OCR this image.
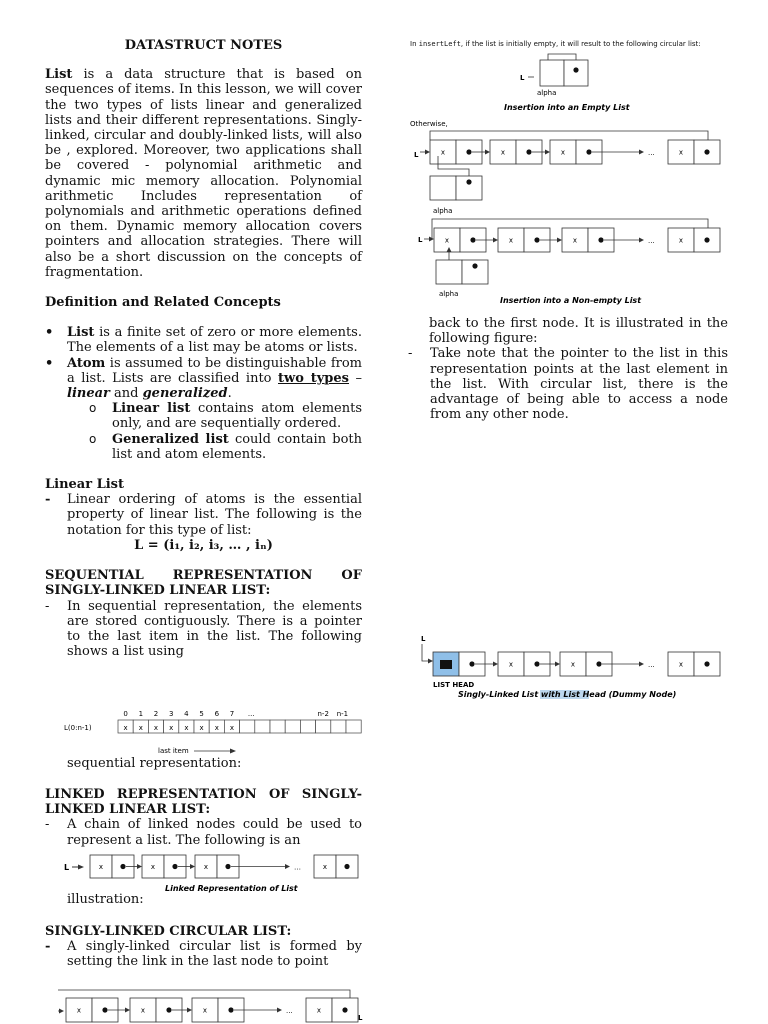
DATASTRUCT NOTES

List is a data structure that is based on sequences of items. In this lesson, we will cover the two types of lists linear and generalized lists and their different representations. Singly-linked, circular and doubly-linked lists, will also be , explored. Moreover, two applications shall be covered - polynomial arithmetic and dynamic mic memory allocation. Polynomial arithmetic Includes representation of polynomials and arithmetic operations defined on them. Dynamic memory allocation covers pointers and allocation strategies. There will also be a short discussion on the concepts of fragmentation.

Definition and Related Concepts

•	List is a finite set of zero or more elements. The elements of a list may be atoms or lists.

•	Atom is assumed to be distinguishable from a list. Lists are classified into two types – linear and generalized.

o Linear list contains atom elements only, and are sequentially ordered.

o Generalized list could contain both list and atom elements.

Linear List

-	Linear ordering of atoms is the essential property of linear list. The following is the notation for this type of list:

L = (i₁, i₂, i₃, … , iₙ)

SEQUENTIAL REPRESENTATION OF SINGLY-LINKED LINEAR LIST:

-	In sequential representation, the elements are stored contiguously. There is a pointer to the last item in the list. The following shows a list using

L(0:n-1)
0 1 2 3 4 5 6 7 ...	n-2 n-1
x x x x x x x x
last item

sequential representation:

LINKED REPRESENTATION OF SINGLY-LINKED LINEAR LIST:

-	A chain of linked nodes could be used to represent a list. The following is an

L	x	x	x	…	x
Linked Representation of List

illustration:

SINGLY-LINKED CIRCULAR LIST:

-	A singly-linked circular list is formed by setting the link in the last node to point

x	x	x	...	x
L

In insertLeft, if the list is initially empty, it will result to the following circular list:

L
alpha
Insertion into an Empty List
Otherwise,
L	x	x	x	...	x
alpha
L	x	x	x	...	x
alpha
Insertion into a Non-empty List

back to the first node. It is illustrated in the following figure:

-	Take note that the pointer to the list in this representation points at the last element in the list. With circular list, there is the advantage of being able to access a node from any other node.

L
x	x	...	x
LIST HEAD
Singly-Linked List with List Head (Dummy Node)
